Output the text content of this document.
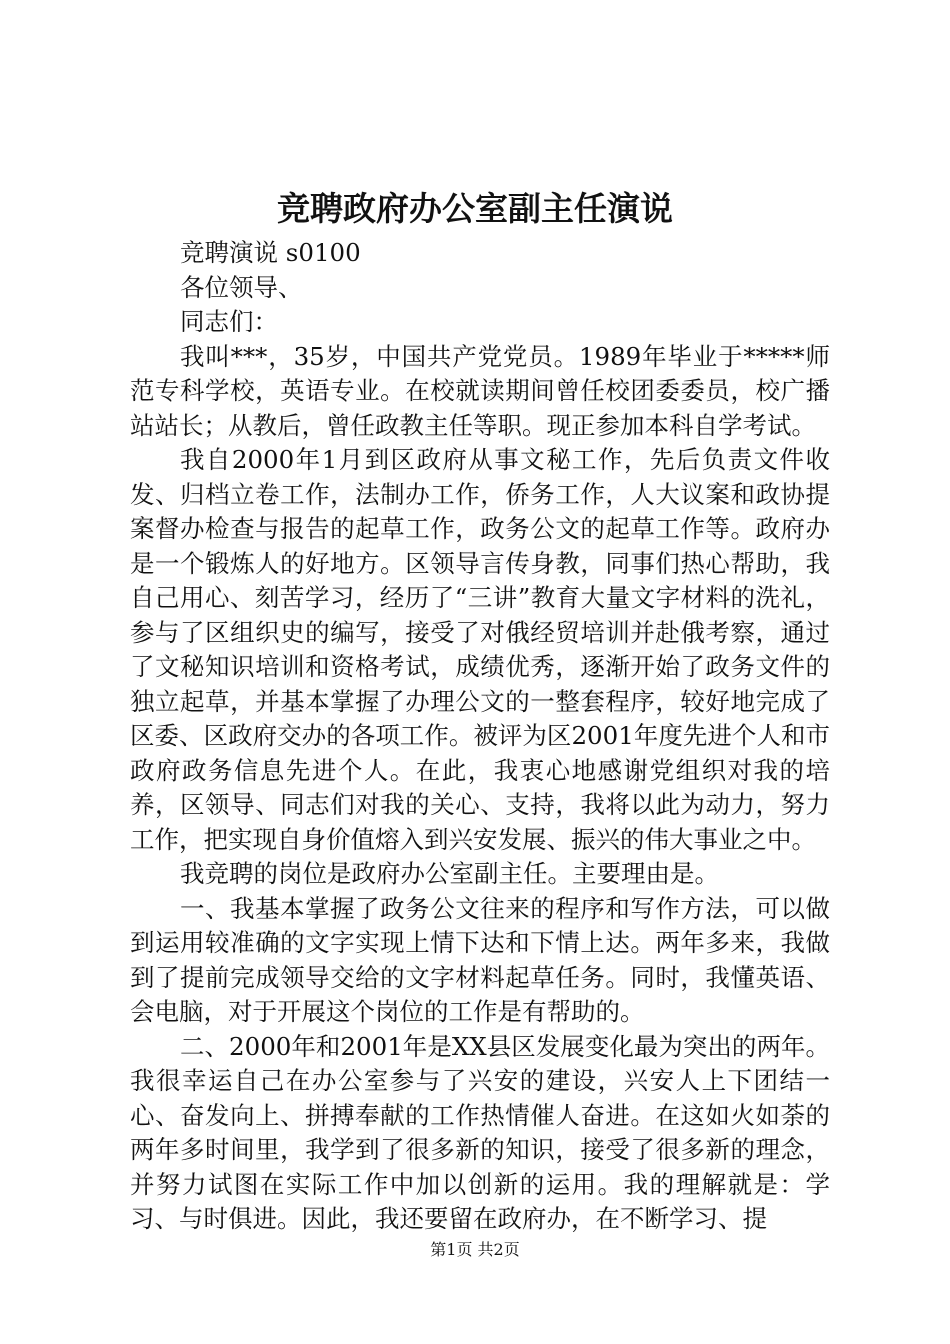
竞聘政府办公室副主任演说

竞聘演说 s0100

各位领导、

同志们：

我叫***，35岁，中国共产党党员。1989年毕业于*****师范专科学校，英语专业。在校就读期间曾任校团委委员，校广播站站长；从教后，曾任政教主任等职。现正参加本科自学考试。

我自2000年1月到区政府从事文秘工作，先后负责文件收发、归档立卷工作，法制办工作，侨务工作，人大议案和政协提案督办检查与报告的起草工作，政务公文的起草工作等。政府办是一个锻炼人的好地方。区领导言传身教，同事们热心帮助，我自己用心、刻苦学习，经历了“三讲”教育大量文字材料的洗礼，参与了区组织史的编写，接受了对俄经贸培训并赴俄考察，通过了文秘知识培训和资格考试，成绩优秀，逐渐开始了政务文件的独立起草，并基本掌握了办理公文的一整套程序，较好地完成了区委、区政府交办的各项工作。被评为区2001年度先进个人和市政府政务信息先进个人。在此，我衷心地感谢党组织对我的培养，区领导、同志们对我的关心、支持，我将以此为动力，努力工作，把实现自身价值熔入到兴安发展、振兴的伟大事业之中。

我竞聘的岗位是政府办公室副主任。主要理由是。

一、我基本掌握了政务公文往来的程序和写作方法，可以做到运用较准确的文字实现上情下达和下情上达。两年多来，我做到了提前完成领导交给的文字材料起草任务。同时，我懂英语、会电脑，对于开展这个岗位的工作是有帮助的。

二、2000年和2001年是XX县区发展变化最为突出的两年。我很幸运自己在办公室参与了兴安的建设，兴安人上下团结一心、奋发向上、拼搏奉献的工作热情催人奋进。在这如火如荼的两年多时间里，我学到了很多新的知识，接受了很多新的理念，并努力试图在实际工作中加以创新的运用。我的理解就是：学习、与时俱进。因此，我还要留在政府办，在不断学习、提

第1页 共2页
